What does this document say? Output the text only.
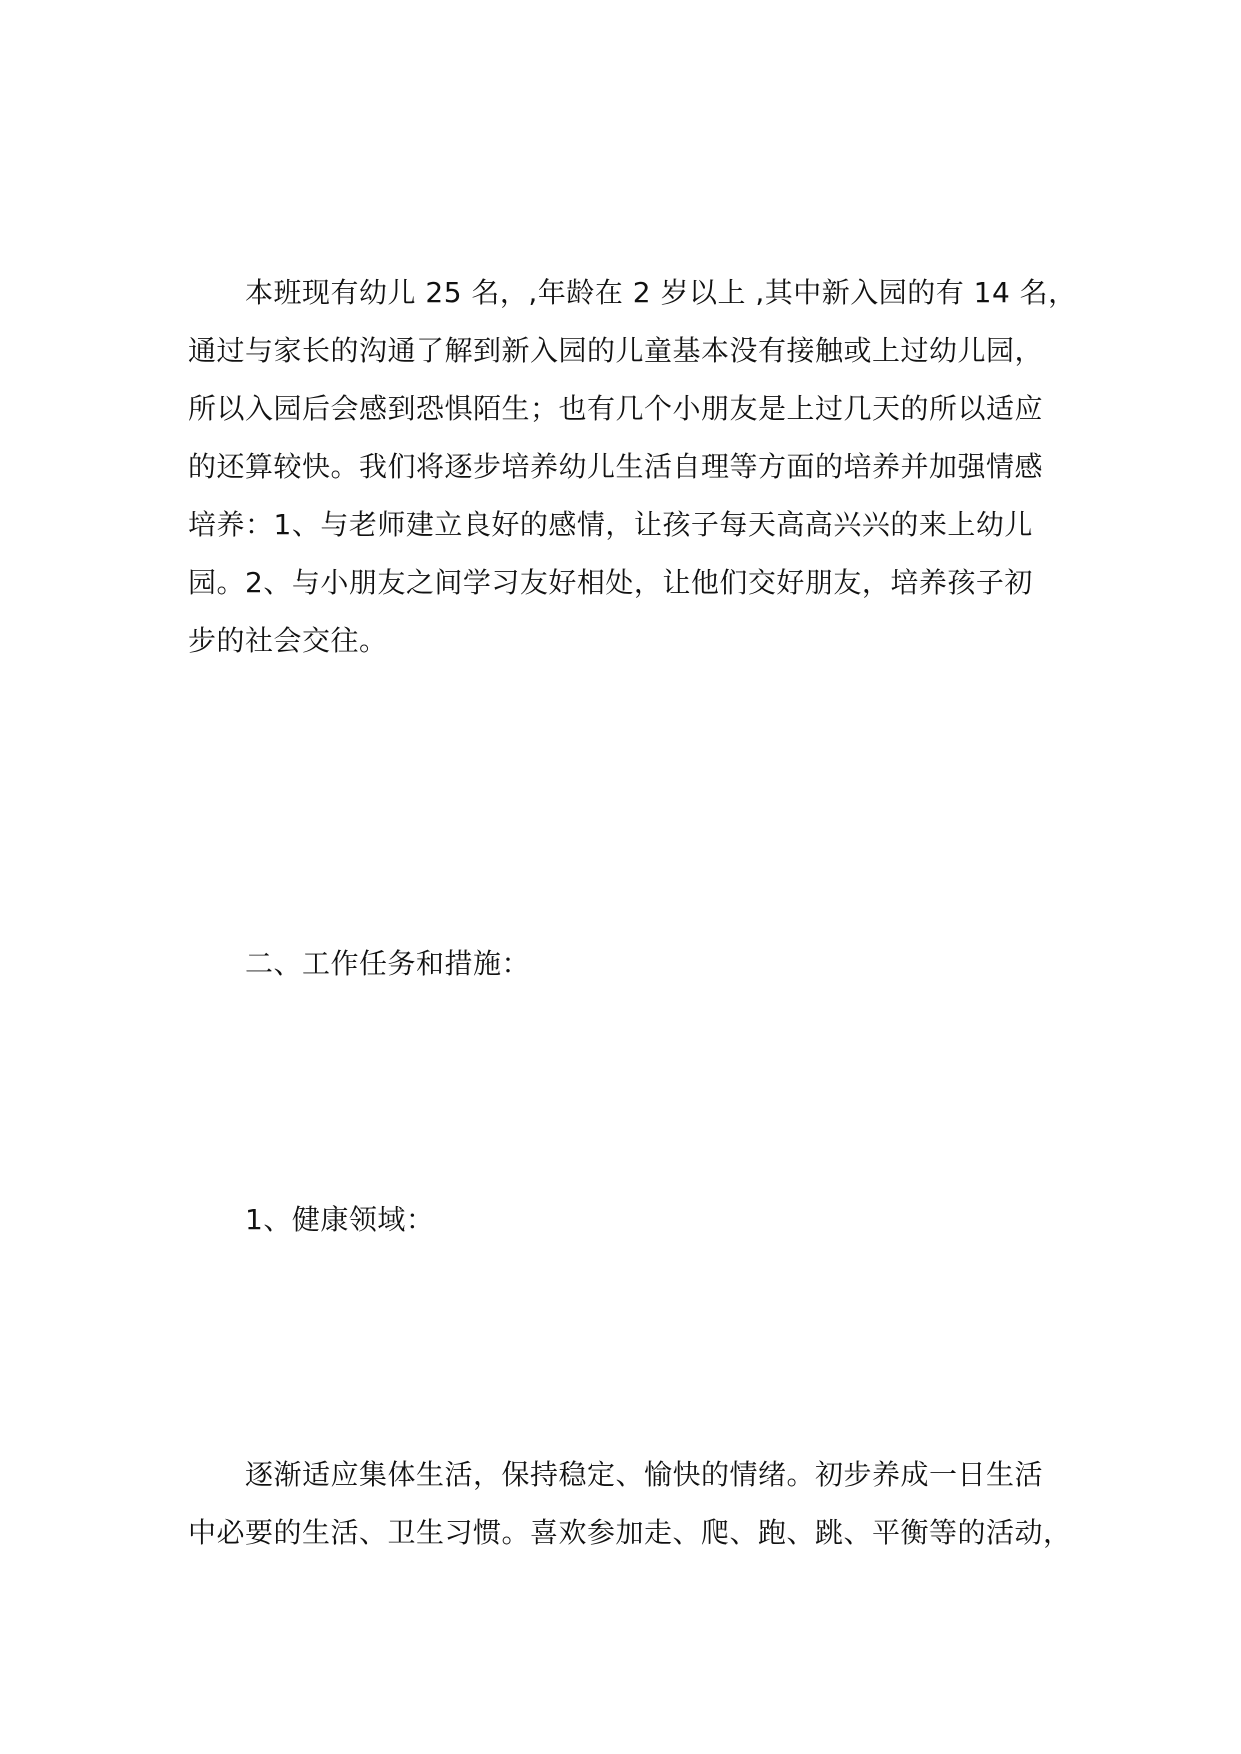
本班现有幼儿 25 名，,年龄在 2 岁以上 ,其中新入园的有 14 名，
通过与家长的沟通了解到新入园的儿童基本没有接触或上过幼儿园，
所以入园后会感到恐惧陌生；也有几个小朋友是上过几天的所以适应
的还算较快。我们将逐步培养幼儿生活自理等方面的培养并加强情感
培养：1、与老师建立良好的感情，让孩子每天高高兴兴的来上幼儿
园。2、与小朋友之间学习友好相处，让他们交好朋友，培养孩子初
步的社会交往。
二、工作任务和措施：
1、健康领域：
逐渐适应集体生活，保持稳定、愉快的情绪。初步养成一日生活
中必要的生活、卫生习惯。喜欢参加走、爬、跑、跳、平衡等的活动，
